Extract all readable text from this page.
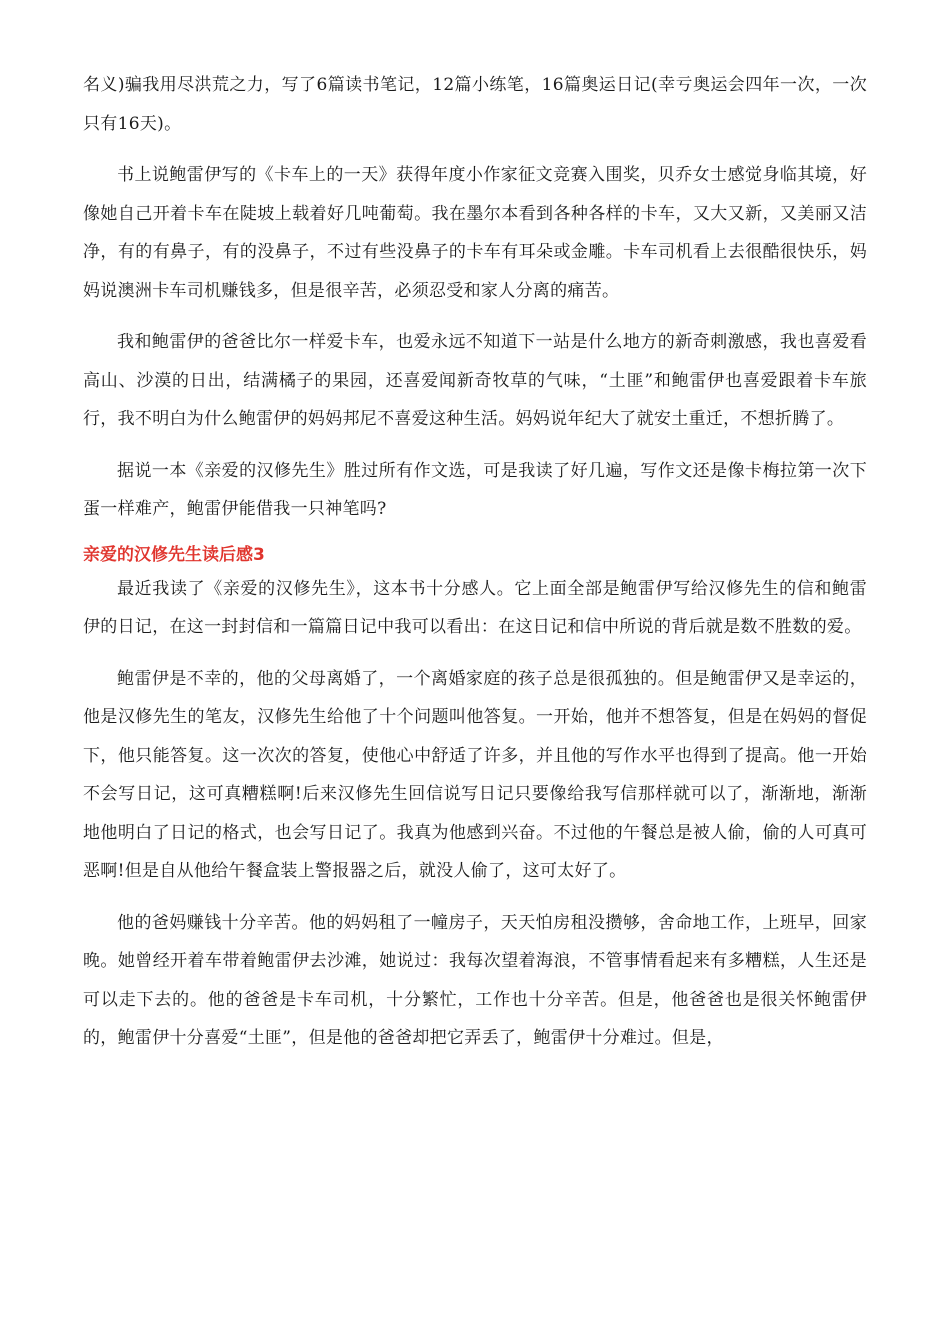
名义)骗我用尽洪荒之力，写了6篇读书笔记，12篇小练笔，16篇奥运日记(幸亏奥运会四年一次，一次只有16天)。

书上说鲍雷伊写的《卡车上的一天》获得年度小作家征文竞赛入围奖，贝乔女士感觉身临其境，好像她自己开着卡车在陡坡上载着好几吨葡萄。我在墨尔本看到各种各样的卡车，又大又新，又美丽又洁净，有的有鼻子，有的没鼻子，不过有些没鼻子的卡车有耳朵或金雕。卡车司机看上去很酷很快乐，妈妈说澳洲卡车司机赚钱多，但是很辛苦，必须忍受和家人分离的痛苦。

我和鲍雷伊的爸爸比尔一样爱卡车，也爱永远不知道下一站是什么地方的新奇刺激感，我也喜爱看高山、沙漠的日出，结满橘子的果园，还喜爱闻新奇牧草的气味，“土匪”和鲍雷伊也喜爱跟着卡车旅行，我不明白为什么鲍雷伊的妈妈邦尼不喜爱这种生活。妈妈说年纪大了就安土重迁，不想折腾了。

据说一本《亲爱的汉修先生》胜过所有作文选，可是我读了好几遍，写作文还是像卡梅拉第一次下蛋一样难产，鲍雷伊能借我一只神笔吗?

亲爱的汉修先生读后感3

最近我读了《亲爱的汉修先生》，这本书十分感人。它上面全部是鲍雷伊写给汉修先生的信和鲍雷伊的日记，在这一封封信和一篇篇日记中我可以看出：在这日记和信中所说的背后就是数不胜数的爱。

鲍雷伊是不幸的，他的父母离婚了，一个离婚家庭的孩子总是很孤独的。但是鲍雷伊又是幸运的，他是汉修先生的笔友，汉修先生给他了十个问题叫他答复。一开始，他并不想答复，但是在妈妈的督促下，他只能答复。这一次次的答复，使他心中舒适了许多，并且他的写作水平也得到了提高。他一开始不会写日记，这可真糟糕啊!后来汉修先生回信说写日记只要像给我写信那样就可以了，渐渐地，渐渐地他明白了日记的格式，也会写日记了。我真为他感到兴奋。不过他的午餐总是被人偷，偷的人可真可恶啊!但是自从他给午餐盒装上警报器之后，就没人偷了，这可太好了。

他的爸妈赚钱十分辛苦。他的妈妈租了一幢房子，天天怕房租没攒够，舍命地工作，上班早，回家晚。她曾经开着车带着鲍雷伊去沙滩，她说过：我每次望着海浪，不管事情看起来有多糟糕，人生还是可以走下去的。他的爸爸是卡车司机，十分繁忙，工作也十分辛苦。但是，他爸爸也是很关怀鲍雷伊的，鲍雷伊十分喜爱“土匪”，但是他的爸爸却把它弄丢了，鲍雷伊十分难过。但是，
